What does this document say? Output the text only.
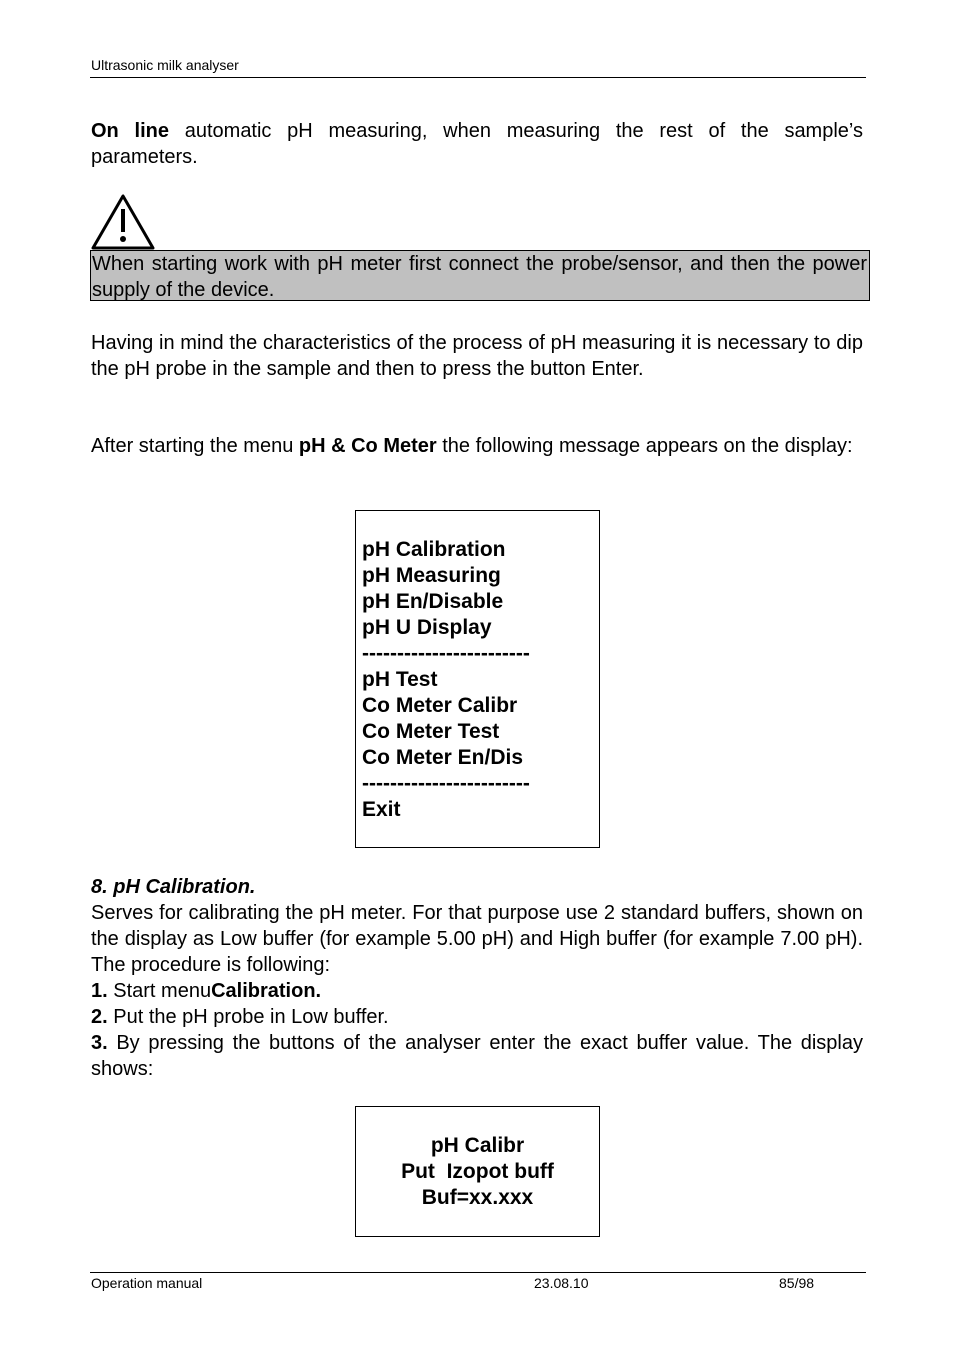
Ultrasonic milk analyser
On line automatic pH measuring, when measuring the rest of the sample’s parameters.
When starting work with pH meter first connect the probe/sensor, and then the power supply of the device.
Having in mind the characteristics of the process of pH measuring it is necessary to dip the pH probe in the sample and then to press the button Enter.
After starting the menu pH & Co Meter the following message appears on the display:
pH Calibration
pH Measuring
pH En/Disable
pH U Display
------------------------
pH Test
Co Meter Calibr
Co Meter Test
Co Meter En/Dis
------------------------
Exit
8. pH Calibration.
Serves for calibrating the pH meter. For that purpose use 2 standard buffers, shown on the display as Low buffer (for example 5.00 pH) and High buffer (for example 7.00 pH). The procedure is following:
1. Start menuCalibration.
2. Put the pH probe in Low buffer.
3. By pressing the buttons of the analyser enter the exact buffer value. The display shows:
pH Calibr
Put  Izopot buff
Buf=xx.xxx
Operation manual	23.08.10	85/98
